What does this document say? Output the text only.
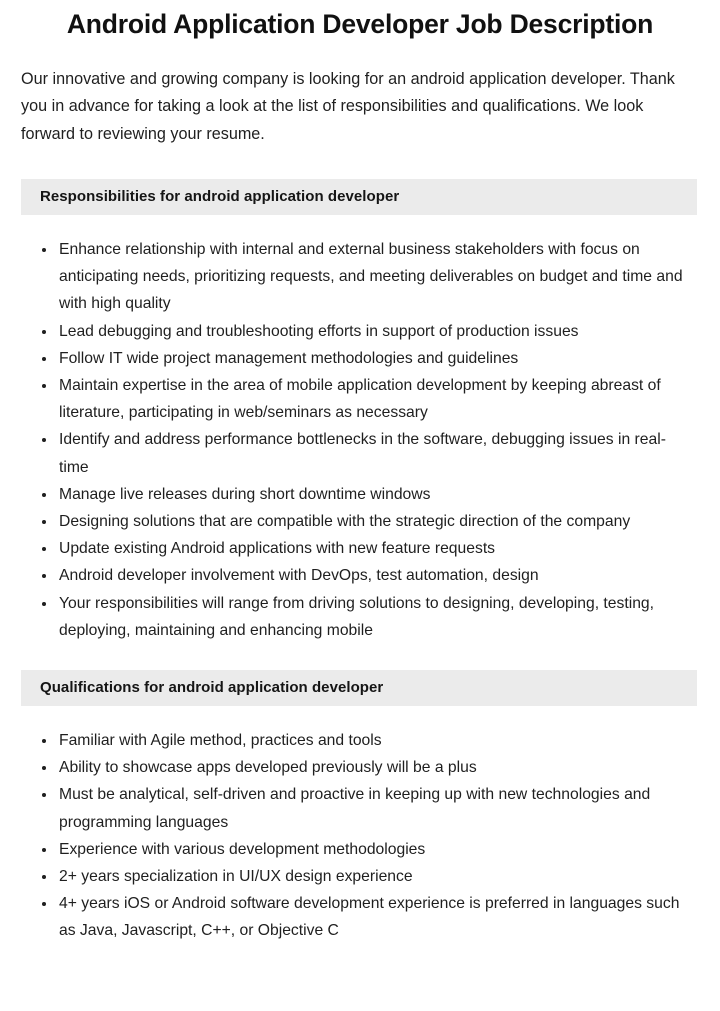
Android Application Developer Job Description

Our innovative and growing company is looking for an android application developer. Thank you in advance for taking a look at the list of responsibilities and qualifications. We look forward to reviewing your resume.

Responsibilities for android application developer
Enhance relationship with internal and external business stakeholders with focus on anticipating needs, prioritizing requests, and meeting deliverables on budget and time and with high quality
Lead debugging and troubleshooting efforts in support of production issues
Follow IT wide project management methodologies and guidelines
Maintain expertise in the area of mobile application development by keeping abreast of literature, participating in web/seminars as necessary
Identify and address performance bottlenecks in the software, debugging issues in real-time
Manage live releases during short downtime windows
Designing solutions that are compatible with the strategic direction of the company
Update existing Android applications with new feature requests
Android developer involvement with DevOps, test automation, design
Your responsibilities will range from driving solutions to designing, developing, testing, deploying, maintaining and enhancing mobile
Qualifications for android application developer
Familiar with Agile method, practices and tools
Ability to showcase apps developed previously will be a plus
Must be analytical, self-driven and proactive in keeping up with new technologies and programming languages
Experience with various development methodologies
2+ years specialization in UI/UX design experience
4+ years iOS or Android software development experience is preferred in languages such as Java, Javascript, C++, or Objective C
